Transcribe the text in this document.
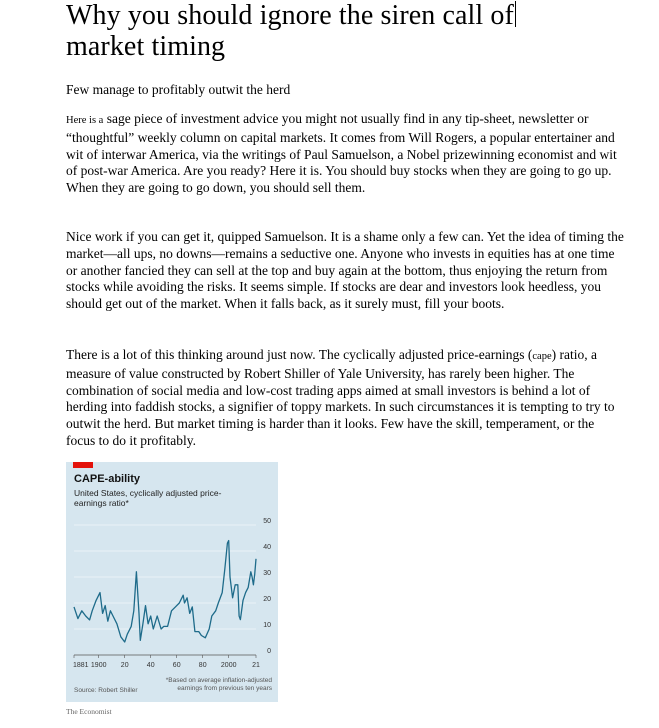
Why you should ignore the siren call of
market timing

Few manage to profitably outwit the herd

Here is a sage piece of investment advice you might not usually find in any tip-sheet, newsletter or “thoughtful” weekly column on capital markets. It comes from Will Rogers, a popular entertainer and wit of interwar America, via the writings of Paul Samuelson, a Nobel prizewinning economist and wit of post-war America. Are you ready? Here it is. You should buy stocks when they are going to go up. When they are going to go down, you should sell them.

Nice work if you can get it, quipped Samuelson. It is a shame only a few can. Yet the idea of timing the market—all ups, no downs—remains a seductive one. Anyone who invests in equities has at one time or another fancied they can sell at the top and buy again at the bottom, thus enjoying the return from stocks while avoiding the risks. It seems simple. If stocks are dear and investors look heedless, you should get out of the market. When it falls back, as it surely must, fill your boots.

There is a lot of this thinking around just now. The cyclically adjusted price-earnings (cape) ratio, a measure of value constructed by Robert Shiller of Yale University, has rarely been higher. The combination of social media and low-cost trading apps aimed at small investors is behind a lot of herding into faddish stocks, a signifier of toppy markets. In such circumstances it is tempting to try to outwit the herd. But market timing is harder than it looks. Few have the skill, temperament, or the focus to do it profitably.

CAPE-ability
United States, cyclically adjusted price-earnings ratio*
50
40
30
20
10
0
1881 1900 20	40	60	80 2000 21
*Based on average inflation-adjusted earnings from previous ten years
Source: Robert Shiller
The Economist
